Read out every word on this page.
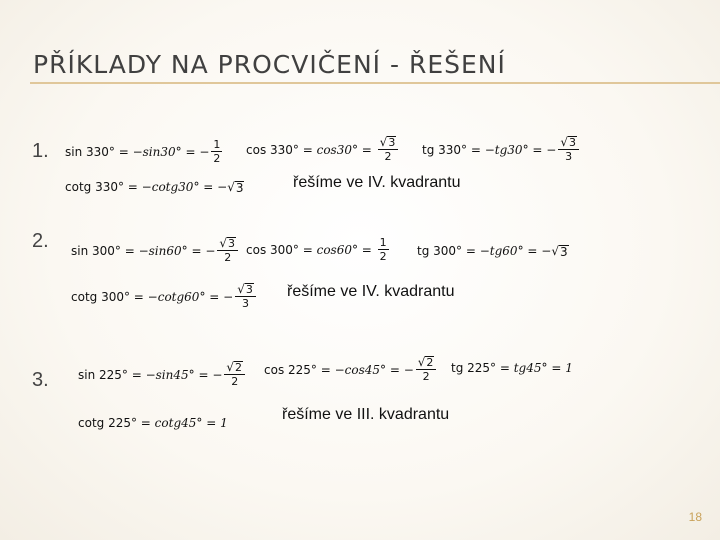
PŘÍKLADY NA PROCVIČENÍ - ŘEŠENÍ
1. sin 330° = −sin30° = − $\frac{1}{2}$ $\cos 330^\circ = \cos 30^\circ = \frac{√ 3}{2}$ tg 330° = −tg30° = − $\frac{√ 3}{3}$
cotg 330° = −cotg30° = − √ 3	řešíme ve IV. kvadrantu
2. sin 300° = −sin60° = − $\frac{√ 3}{2}$ $\cos 300^\circ = \cos 60^\circ = \frac{1}{2}$ tg 300° = −tg60° = − √ 3
cotg 300° = −cotg60° = − $\frac{√ 3}{3}$ řešíme ve IV. kvadrantu
3. sin 225° = −sin45° = − $\frac{√ 2}{2}$ cos 225° = −cos45° = − $\frac{√ 2}{2}$ tg 225° = tg45° = 1
cotg 225° = cotg45° = 1	řešíme ve III. kvadrantu
18
